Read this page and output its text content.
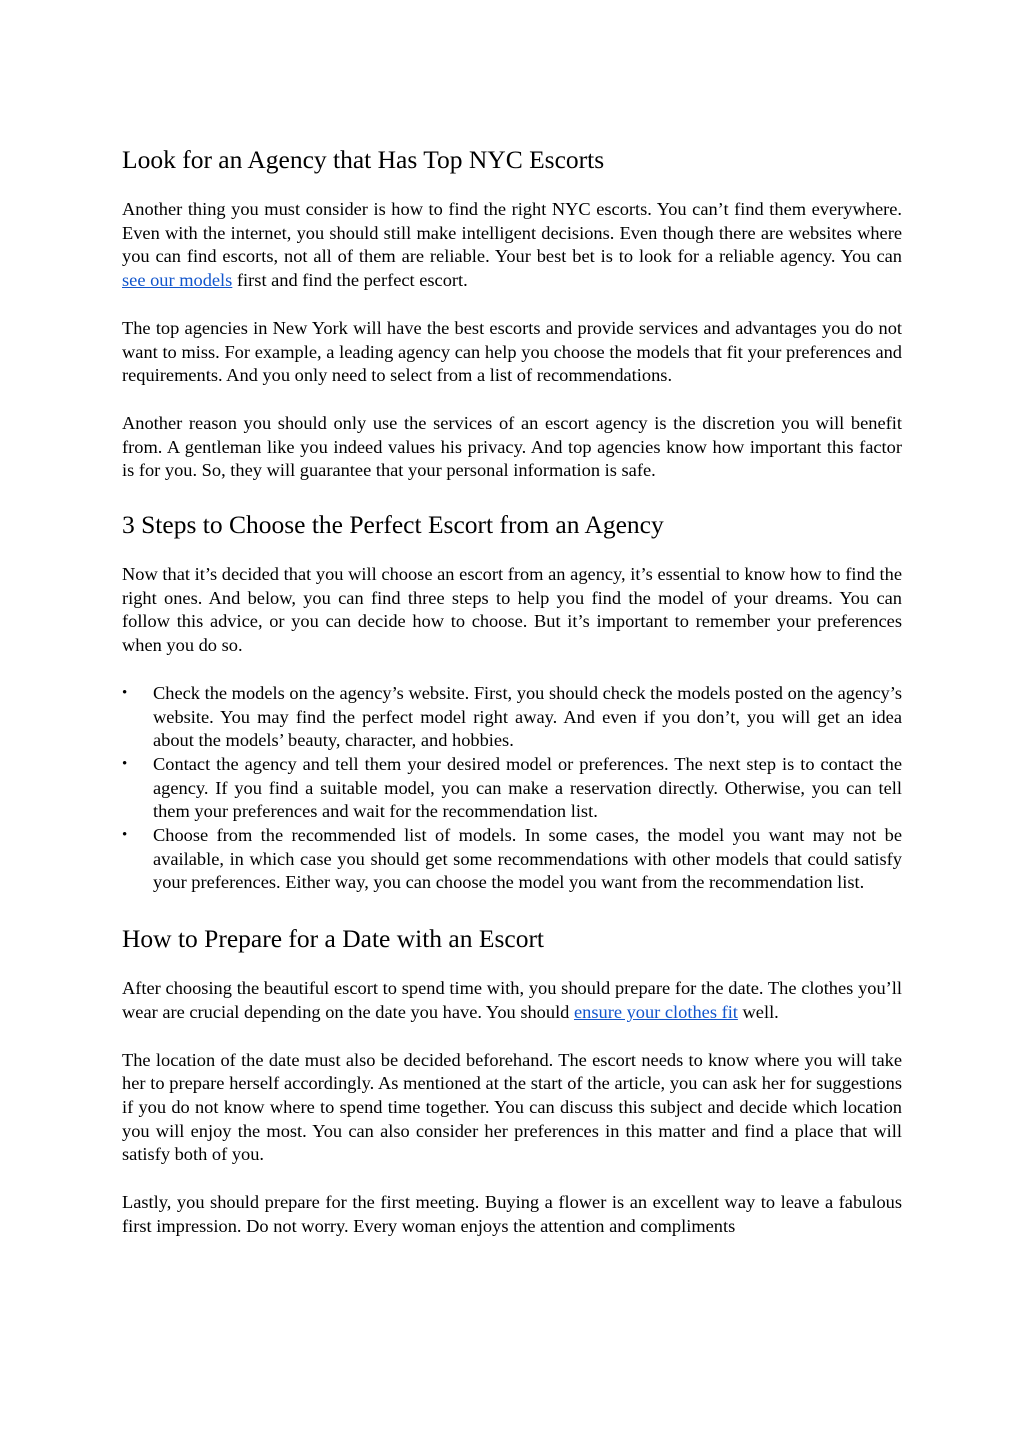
Look for an Agency that Has Top NYC Escorts

Another thing you must consider is how to find the right NYC escorts. You can’t find them everywhere. Even with the internet, you should still make intelligent decisions. Even though there are websites where you can find escorts, not all of them are reliable. Your best bet is to look for a reliable agency. You can see our models first and find the perfect escort.

The top agencies in New York will have the best escorts and provide services and advantages you do not want to miss. For example, a leading agency can help you choose the models that fit your preferences and requirements. And you only need to select from a list of recommendations.

Another reason you should only use the services of an escort agency is the discretion you will benefit from. A gentleman like you indeed values his privacy. And top agencies know how important this factor is for you. So, they will guarantee that your personal information is safe.

3 Steps to Choose the Perfect Escort from an Agency

Now that it’s decided that you will choose an escort from an agency, it’s essential to know how to find the right ones. And below, you can find three steps to help you find the model of your dreams. You can follow this advice, or you can decide how to choose. But it’s important to remember your preferences when you do so.

•	Check the models on the agency’s website. First, you should check the models posted on the agency’s website. You may find the perfect model right away. And even if you don’t, you will get an idea about the models’ beauty, character, and hobbies.
•	Contact the agency and tell them your desired model or preferences. The next step is to contact the agency. If you find a suitable model, you can make a reservation directly. Otherwise, you can tell them your preferences and wait for the recommendation list.
•	Choose from the recommended list of models. In some cases, the model you want may not be available, in which case you should get some recommendations with other models that could satisfy your preferences. Either way, you can choose the model you want from the recommendation list.
How to Prepare for a Date with an Escort

After choosing the beautiful escort to spend time with, you should prepare for the date. The clothes you’ll wear are crucial depending on the date you have. You should ensure your clothes fit well.

The location of the date must also be decided beforehand. The escort needs to know where you will take her to prepare herself accordingly. As mentioned at the start of the article, you can ask her for suggestions if you do not know where to spend time together. You can discuss this subject and decide which location you will enjoy the most. You can also consider her preferences in this matter and find a place that will satisfy both of you.

Lastly, you should prepare for the first meeting. Buying a flower is an excellent way to leave a fabulous first impression. Do not worry. Every woman enjoys the attention and compliments
